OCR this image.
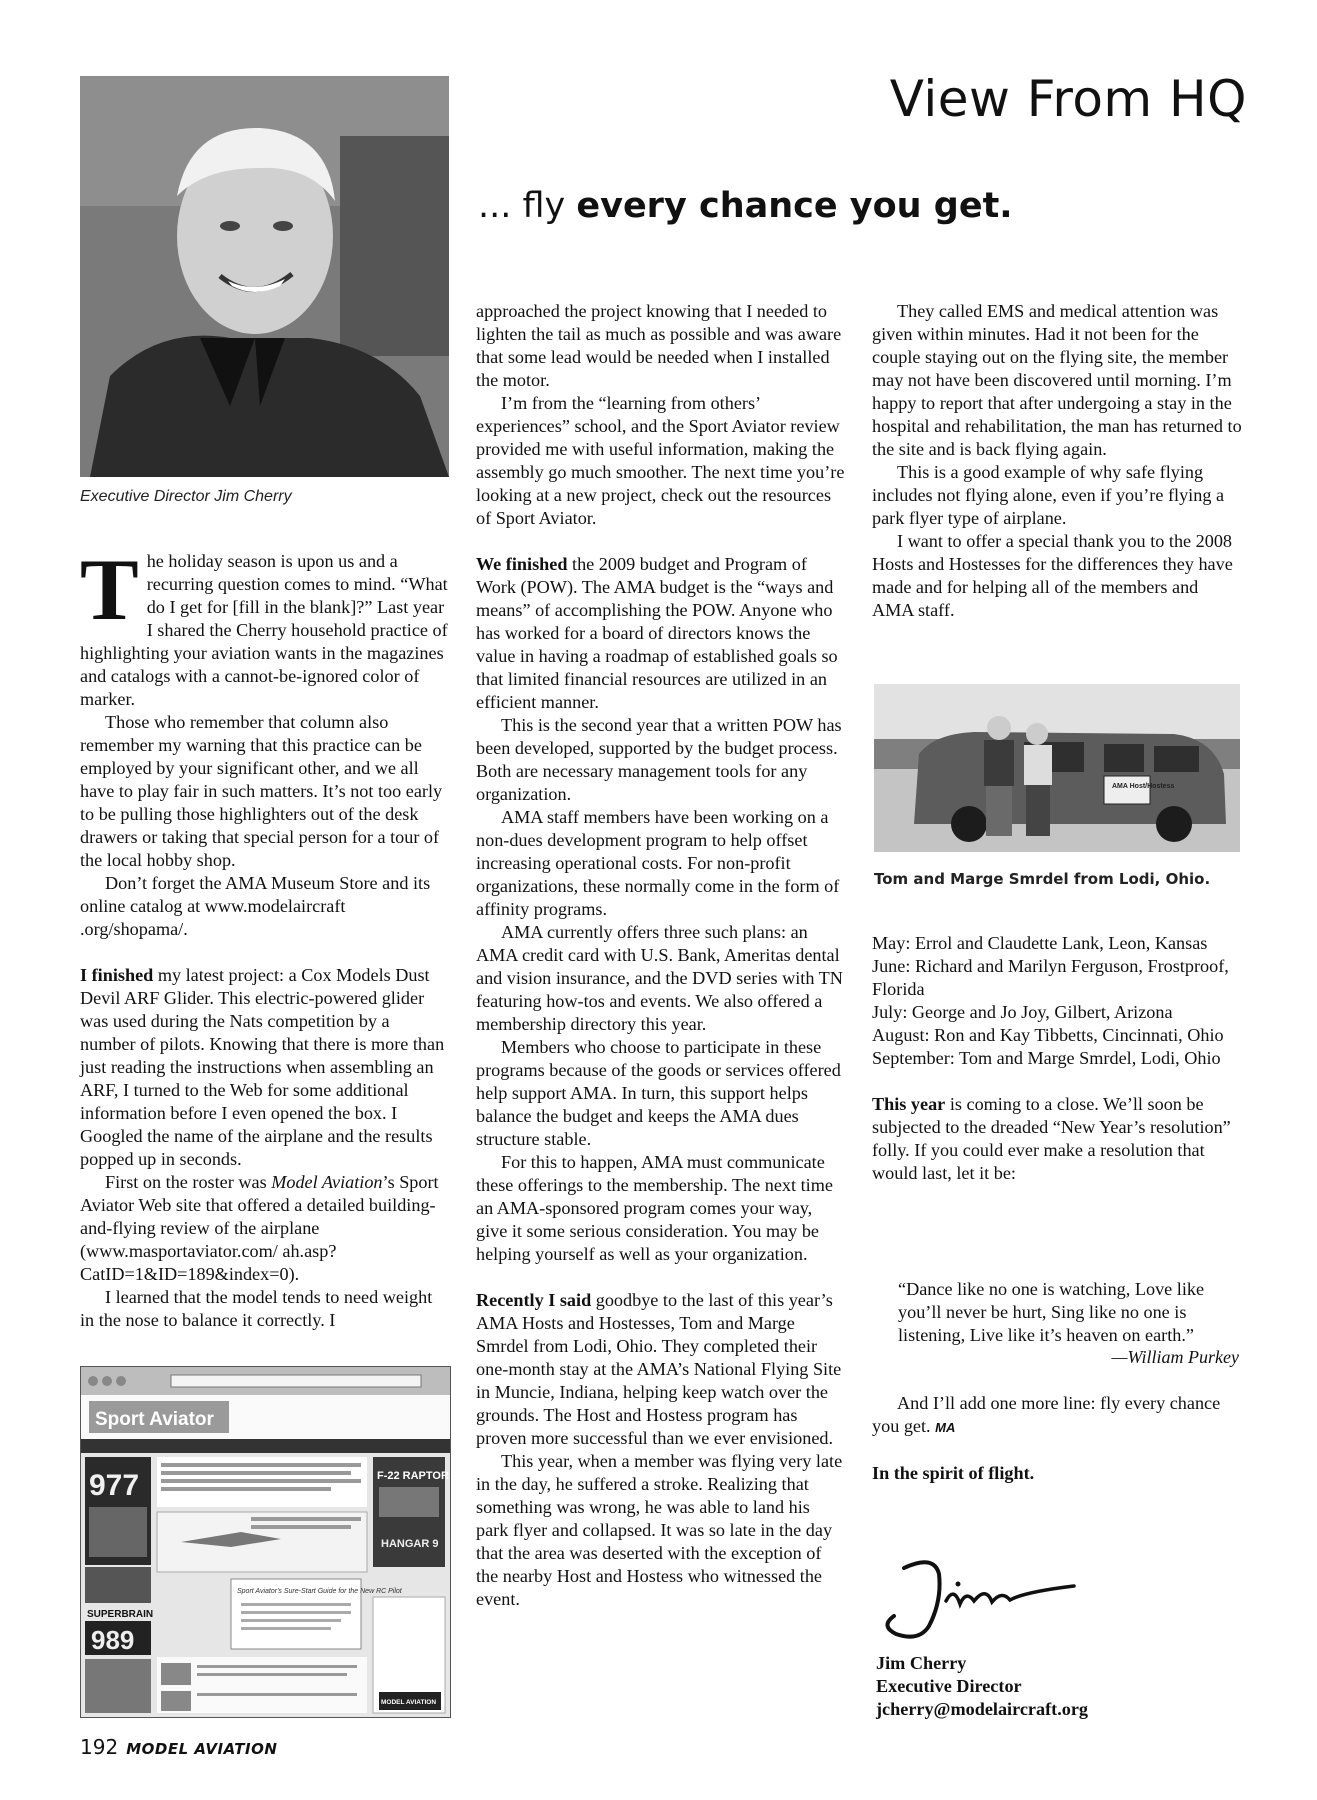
View From HQ
Executive Director Jim Cherry
... fly every chance you get.

The holiday season is upon us and a recurring question comes to mind. “What do I get for [fill in the blank]?” Last year I shared the Cherry household practice of highlighting your aviation wants in the magazines and catalogs with a cannot-be-ignored color of marker.

Those who remember that column also remember my warning that this practice can be employed by your significant other, and we all have to play fair in such matters. It’s not too early to be pulling those highlighters out of the desk drawers or taking that special person for a tour of the local hobby shop.

Don’t forget the AMA Museum Store and its online catalog at www.modelaircraft .org/shopama/.

I finished my latest project: a Cox Models Dust Devil ARF Glider. This electric-powered glider was used during the Nats competition by a number of pilots. Knowing that there is more than just reading the instructions when assembling an ARF, I turned to the Web for some additional information before I even opened the box. I Googled the name of the airplane and the results popped up in seconds.

First on the roster was Model Aviation’s Sport Aviator Web site that offered a detailed building-and-flying review of the airplane (www.masportaviator.com/ ah.asp?CatID=1&ID=189&index=0).

I learned that the model tends to need weight in the nose to balance it correctly. I

Sport Aviator
977	F-22 RAPTOR
HANGAR 9
Sport Aviator's Sure-Start Guide for the New RC Pilot
SUPERBRAIN
989
MODEL AVIATION

approached the project knowing that I needed to lighten the tail as much as possible and was aware that some lead would be needed when I installed the motor.

I’m from the “learning from others’ experiences” school, and the Sport Aviator review provided me with useful information, making the assembly go much smoother. The next time you’re looking at a new project, check out the resources of Sport Aviator.

We finished the 2009 budget and Program of Work (POW). The AMA budget is the “ways and means” of accomplishing the POW. Anyone who has worked for a board of directors knows the value in having a roadmap of established goals so that limited financial resources are utilized in an efficient manner.

This is the second year that a written POW has been developed, supported by the budget process. Both are necessary management tools for any organization.

AMA staff members have been working on a non-dues development program to help offset increasing operational costs. For non-profit organizations, these normally come in the form of affinity programs.

AMA currently offers three such plans: an AMA credit card with U.S. Bank, Ameritas dental and vision insurance, and the DVD series with TN featuring how-tos and events. We also offered a membership directory this year.

Members who choose to participate in these programs because of the goods or services offered help support AMA. In turn, this support helps balance the budget and keeps the AMA dues structure stable.

For this to happen, AMA must communicate these offerings to the membership. The next time an AMA-sponsored program comes your way, give it some serious consideration. You may be helping yourself as well as your organization.

Recently I said goodbye to the last of this year’s AMA Hosts and Hostesses, Tom and Marge Smrdel from Lodi, Ohio. They completed their one-month stay at the AMA’s National Flying Site in Muncie, Indiana, helping keep watch over the grounds. The Host and Hostess program has proven more successful than we ever envisioned.

This year, when a member was flying very late in the day, he suffered a stroke. Realizing that something was wrong, he was able to land his park flyer and collapsed. It was so late in the day that the area was deserted with the exception of the nearby Host and Hostess who witnessed the event.

They called EMS and medical attention was given within minutes. Had it not been for the couple staying out on the flying site, the member may not have been discovered until morning. I’m happy to report that after undergoing a stay in the hospital and rehabilitation, the man has returned to the site and is back flying again.

This is a good example of why safe flying includes not flying alone, even if you’re flying a park flyer type of airplane.

I want to offer a special thank you to the 2008 Hosts and Hostesses for the differences they have made and for helping all of the members and AMA staff.

AMA Host/Hostess
Tom and Marge Smrdel from Lodi, Ohio.
May: Errol and Claudette Lank, Leon, Kansas
June: Richard and Marilyn Ferguson, Frostproof, Florida
July: George and Jo Joy, Gilbert, Arizona
August: Ron and Kay Tibbetts, Cincinnati, Ohio
September: Tom and Marge Smrdel, Lodi, Ohio
This year is coming to a close. We’ll soon be subjected to the dreaded “New Year’s resolution” folly. If you could ever make a resolution that would last, let it be:
“Dance like no one is watching, Love like you’ll never be hurt, Sing like no one is listening, Live like it’s heaven on earth.”
—William Purkey

And I’ll add one more line: fly every chance you get. MA

In the spirit of flight.

Jim Cherry
Executive Director
jcherry@modelaircraft.org
192 MODEL AVIATION
